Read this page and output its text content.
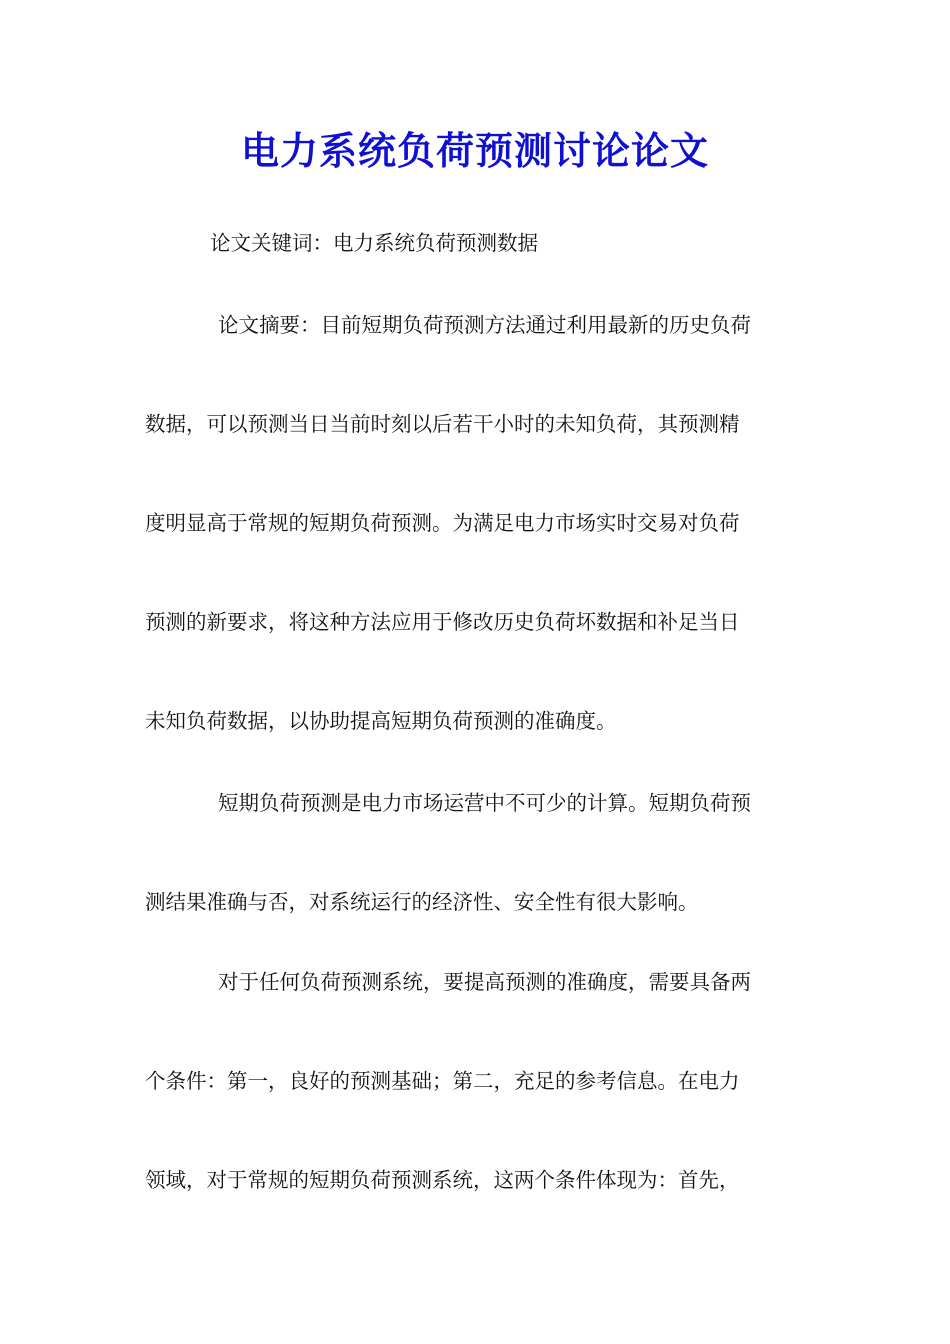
电力系统负荷预测讨论论文
论文关键词：电力系统负荷预测数据
论文摘要：目前短期负荷预测方法通过利用最新的历史负荷
数据，可以预测当日当前时刻以后若干小时的未知负荷，其预测精
度明显高于常规的短期负荷预测。为满足电力市场实时交易对负荷
预测的新要求，将这种方法应用于修改历史负荷坏数据和补足当日
未知负荷数据，以协助提高短期负荷预测的准确度。
短期负荷预测是电力市场运营中不可少的计算。短期负荷预
测结果准确与否，对系统运行的经济性、安全性有很大影响。
对于任何负荷预测系统，要提高预测的准确度，需要具备两
个条件：第一，良好的预测基础；第二，充足的参考信息。在电力
领域，对于常规的短期负荷预测系统，这两个条件体现为：首先，
